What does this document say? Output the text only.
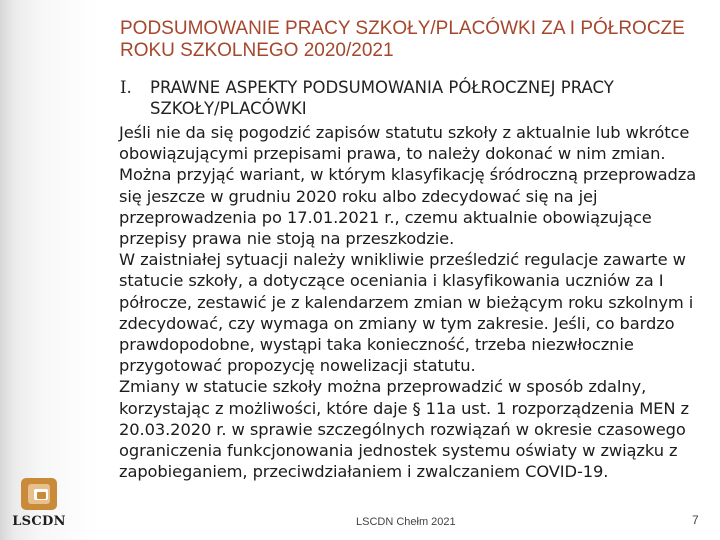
PODSUMOWANIE PRACY SZKOŁY/PLACÓWKI ZA I PÓŁROCZE ROKU SZKOLNEGO 2020/2021
I.	PRAWNE ASPEKTY PODSUMOWANIA PÓŁROCZNEJ PRACY SZKOŁY/PLACÓWKI

Jeśli nie da się pogodzić zapisów statutu szkoły z aktualnie lub wkrótce obowiązującymi przepisami prawa, to należy dokonać w nim zmian. Można przyjąć wariant, w którym klasyfikację śródroczną przeprowadza się jeszcze w grudniu 2020 roku albo zdecydować się na jej przeprowadzenia po 17.01.2021 r., czemu aktualnie obowiązujące przepisy prawa nie stoją na przeszkodzie.

W zaistniałej sytuacji należy wnikliwie prześledzić regulacje zawarte w statucie szkoły, a dotyczące oceniania i klasyfikowania uczniów za I półrocze, zestawić je z kalendarzem zmian w bieżącym roku szkolnym i zdecydować, czy wymaga on zmiany w tym zakresie. Jeśli, co bardzo prawdopodobne, wystąpi taka konieczność, trzeba niezwłocznie przygotować propozycję nowelizacji statutu.

Zmiany w statucie szkoły można przeprowadzić w sposób zdalny, korzystając z możliwości, które daje § 11a ust. 1 rozporządzenia MEN z 20.03.2020 r. w sprawie szczególnych rozwiązań w okresie czasowego ograniczenia funkcjonowania jednostek systemu oświaty w związku z zapobieganiem, przeciwdziałaniem i zwalczaniem COVID-19.

LSCDN	LSCDN Chełm 2021	7
